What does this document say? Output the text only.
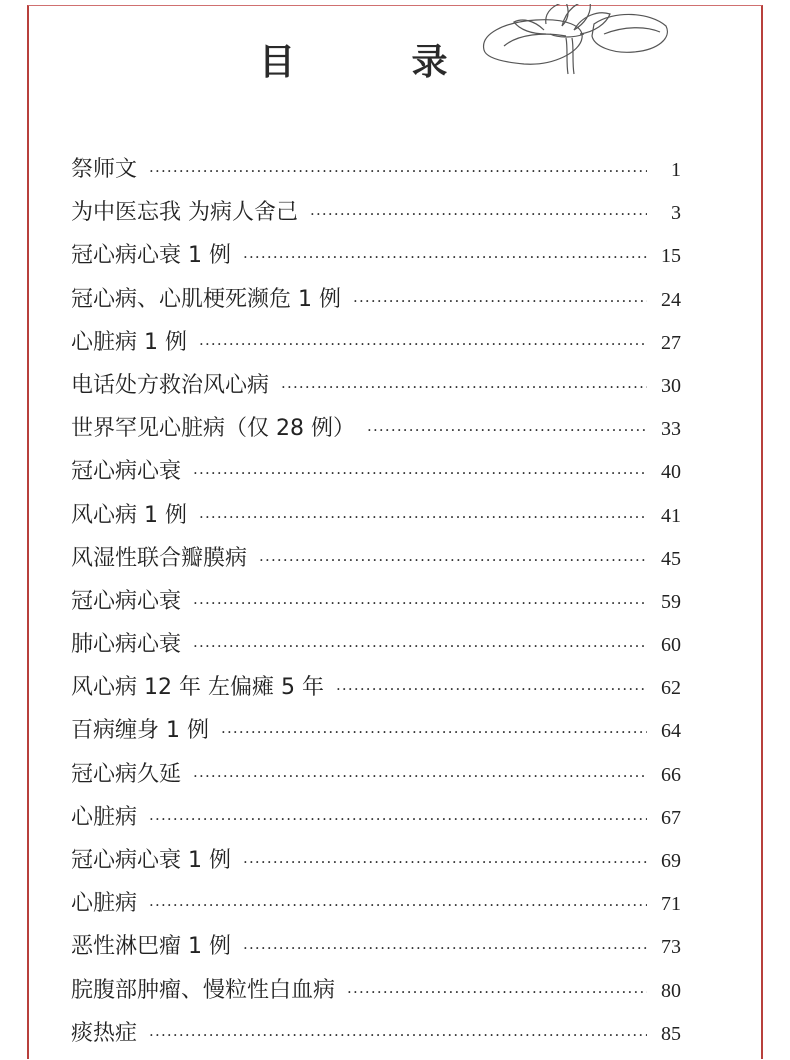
目 录
祭师文 ·····	1
为中医忘我 为病人舍己 ·····	3
冠心病心衰 1 例 ·····	15
冠心病、心肌梗死濒危 1 例 ·····	24
心脏病 1 例 ·····	27
电话处方救治风心病 ·····	30
世界罕见心脏病（仅 28 例） ·····	33
冠心病心衰 ·····	40
风心病 1 例 ·····	41
风湿性联合瓣膜病 ·····	45
冠心病心衰 ·····	59
肺心病心衰 ·····	60
风心病 12 年 左偏瘫 5 年 ·····	62
百病缠身 1 例 ·····	64
冠心病久延 ·····	66
心脏病 ·····	67
冠心病心衰 1 例 ·····	69
心脏病 ·····	71
恶性淋巴瘤 1 例 ·····	73
脘腹部肿瘤、慢粒性白血病 ·····	80
痰热症 ·····	85
